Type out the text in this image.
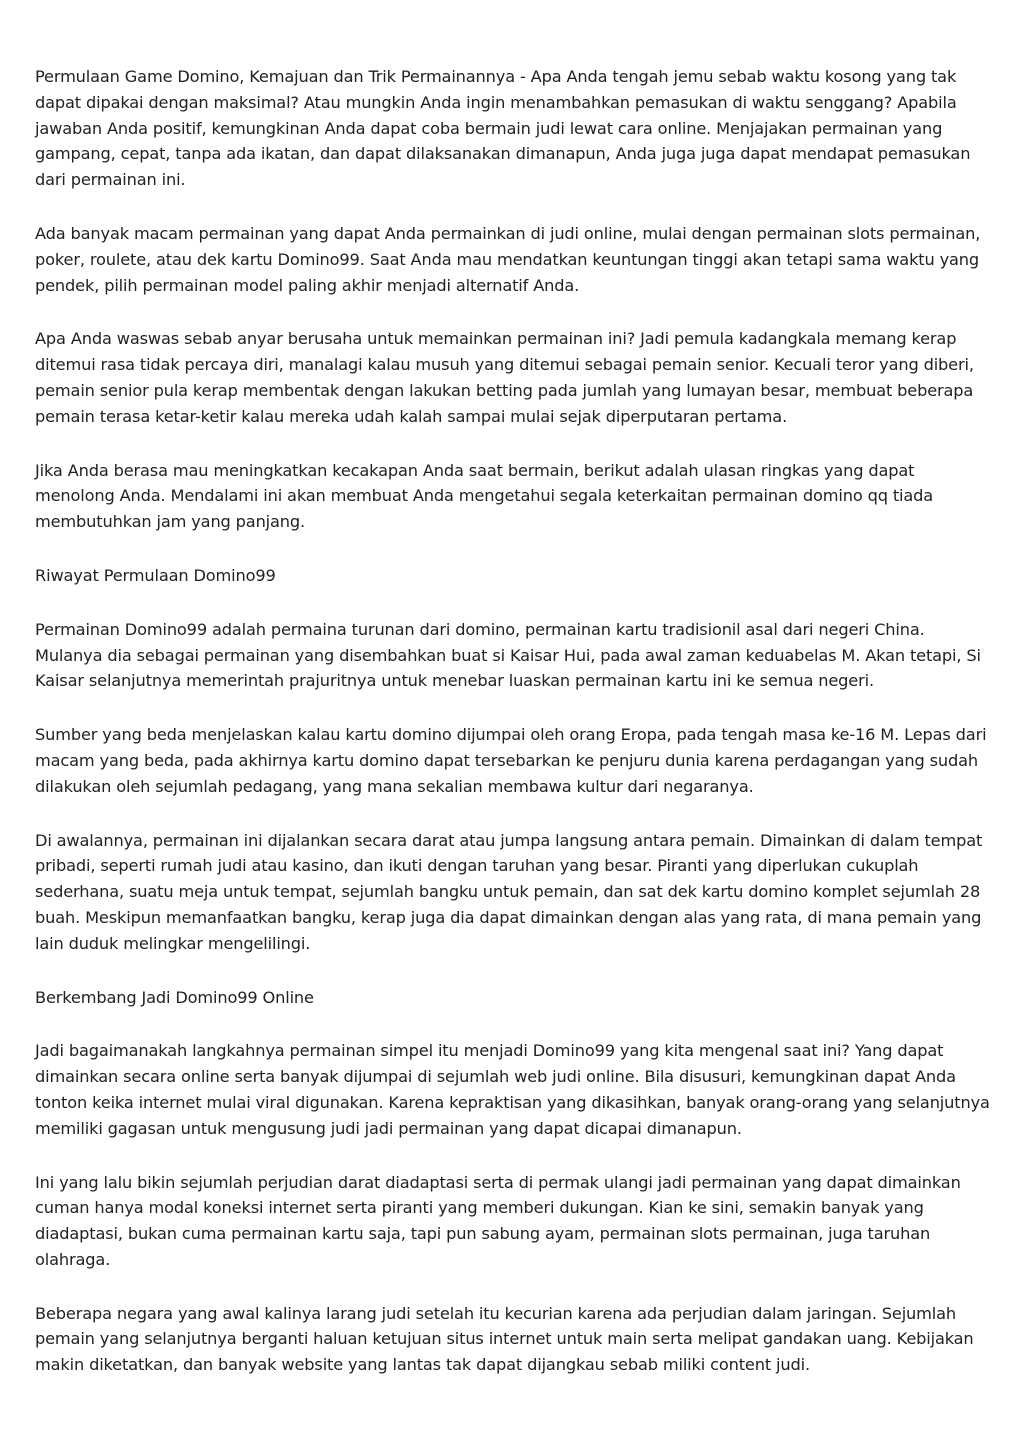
Permulaan Game Domino, Kemajuan dan Trik Permainannya - Apa Anda tengah jemu sebab waktu kosong yang tak dapat dipakai dengan maksimal? Atau mungkin Anda ingin menambahkan pemasukan di waktu senggang? Apabila jawaban Anda positif, kemungkinan Anda dapat coba bermain judi lewat cara online. Menjajakan permainan yang gampang, cepat, tanpa ada ikatan, dan dapat dilaksanakan dimanapun, Anda juga juga dapat mendapat pemasukan dari permainan ini.

Ada banyak macam permainan yang dapat Anda permainkan di judi online, mulai dengan permainan slots permainan, poker, roulete, atau dek kartu Domino99. Saat Anda mau mendatkan keuntungan tinggi akan tetapi sama waktu yang pendek, pilih permainan model paling akhir menjadi alternatif Anda.

Apa Anda waswas sebab anyar berusaha untuk memainkan permainan ini? Jadi pemula kadangkala memang kerap ditemui rasa tidak percaya diri, manalagi kalau musuh yang ditemui sebagai pemain senior. Kecuali teror yang diberi, pemain senior pula kerap membentak dengan lakukan betting pada jumlah yang lumayan besar, membuat beberapa pemain terasa ketar-ketir kalau mereka udah kalah sampai mulai sejak diperputaran pertama.

Jika Anda berasa mau meningkatkan kecakapan Anda saat bermain, berikut adalah ulasan ringkas yang dapat menolong Anda. Mendalami ini akan membuat Anda mengetahui segala keterkaitan permainan domino qq tiada membutuhkan jam yang panjang.

Riwayat Permulaan Domino99

Permainan Domino99 adalah permaina turunan dari domino, permainan kartu tradisionil asal dari negeri China. Mulanya dia sebagai permainan yang disembahkan buat si Kaisar Hui, pada awal zaman keduabelas M. Akan tetapi, Si Kaisar selanjutnya memerintah prajuritnya untuk menebar luaskan permainan kartu ini ke semua negeri.

Sumber yang beda menjelaskan kalau kartu domino dijumpai oleh orang Eropa, pada tengah masa ke-16 M. Lepas dari macam yang beda, pada akhirnya kartu domino dapat tersebarkan ke penjuru dunia karena perdagangan yang sudah dilakukan oleh sejumlah pedagang, yang mana sekalian membawa kultur dari negaranya.

Di awalannya, permainan ini dijalankan secara darat atau jumpa langsung antara pemain. Dimainkan di dalam tempat pribadi, seperti rumah judi atau kasino, dan ikuti dengan taruhan yang besar. Piranti yang diperlukan cukuplah sederhana, suatu meja untuk tempat, sejumlah bangku untuk pemain, dan sat dek kartu domino komplet sejumlah 28 buah. Meskipun memanfaatkan bangku, kerap juga dia dapat dimainkan dengan alas yang rata, di mana pemain yang lain duduk melingkar mengelilingi.

Berkembang Jadi Domino99 Online

Jadi bagaimanakah langkahnya permainan simpel itu menjadi Domino99 yang kita mengenal saat ini? Yang dapat dimainkan secara online serta banyak dijumpai di sejumlah web judi online. Bila disusuri, kemungkinan dapat Anda tonton keika internet mulai viral digunakan. Karena kepraktisan yang dikasihkan, banyak orang-orang yang selanjutnya memiliki gagasan untuk mengusung judi jadi permainan yang dapat dicapai dimanapun.

Ini yang lalu bikin sejumlah perjudian darat diadaptasi serta di permak ulangi jadi permainan yang dapat dimainkan cuman hanya modal koneksi internet serta piranti yang memberi dukungan. Kian ke sini, semakin banyak yang diadaptasi, bukan cuma permainan kartu saja, tapi pun sabung ayam, permainan slots permainan, juga taruhan olahraga.

Beberapa negara yang awal kalinya larang judi setelah itu kecurian karena ada perjudian dalam jaringan. Sejumlah pemain yang selanjutnya berganti haluan ketujuan situs internet untuk main serta melipat gandakan uang. Kebijakan makin diketatkan, dan banyak website yang lantas tak dapat dijangkau sebab miliki content judi.
